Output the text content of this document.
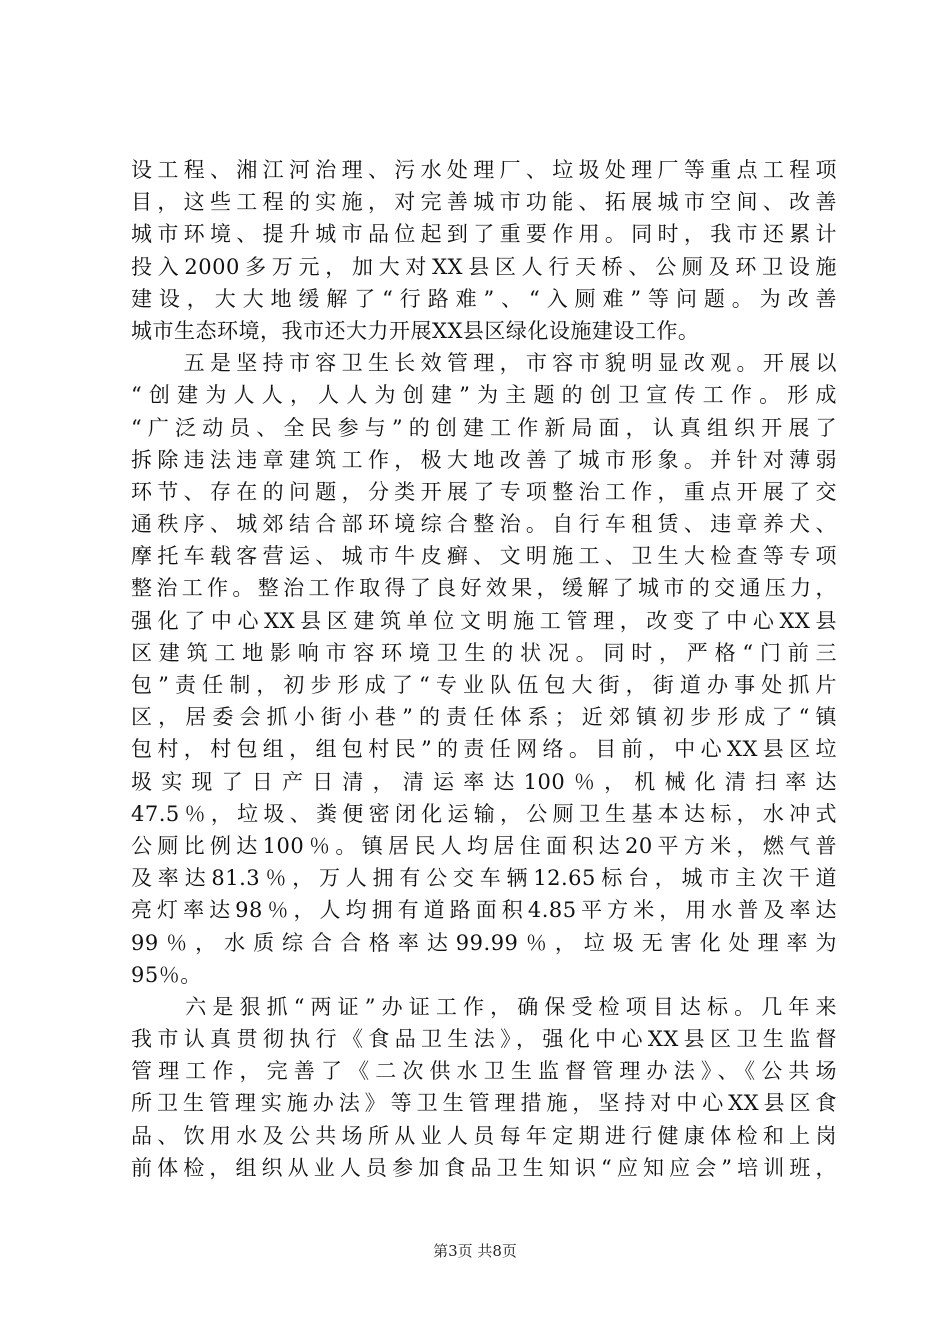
设工程、湘江河治理、污水处理厂、垃圾处理厂等重点工程项
目，这些工程的实施，对完善城市功能、拓展城市空间、改善
城市环境、提升城市品位起到了重要作用。同时，我市还累计
投入2000多万元，加大对XX县区人行天桥、公厕及环卫设施
建设，大大地缓解了“行路难”、“入厕难”等问题。为改善
城市生态环境，我市还大力开展XX县区绿化设施建设工作。
　　五是坚持市容卫生长效管理，市容市貌明显改观。开展以
“创建为人人，人人为创建”为主题的创卫宣传工作。形成
“广泛动员、全民参与”的创建工作新局面，认真组织开展了
拆除违法违章建筑工作，极大地改善了城市形象。并针对薄弱
环节、存在的问题，分类开展了专项整治工作，重点开展了交
通秩序、城郊结合部环境综合整治。自行车租赁、违章养犬、
摩托车载客营运、城市牛皮癣、文明施工、卫生大检查等专项
整治工作。整治工作取得了良好效果，缓解了城市的交通压力，
强化了中心XX县区建筑单位文明施工管理，改变了中心XX县
区建筑工地影响市容环境卫生的状况。同时，严格“门前三
包”责任制，初步形成了“专业队伍包大街，街道办事处抓片
区，居委会抓小街小巷”的责任体系；近郊镇初步形成了“镇
包村，村包组，组包村民”的责任网络。目前，中心XX县区垃
圾实现了日产日清，清运率达100％，机械化清扫率达
47.5％，垃圾、粪便密闭化运输，公厕卫生基本达标，水冲式
公厕比例达100％。镇居民人均居住面积达20平方米，燃气普
及率达81.3％，万人拥有公交车辆12.65标台，城市主次干道
亮灯率达98％，人均拥有道路面积4.85平方米，用水普及率达
99％，水质综合合格率达99.99％，垃圾无害化处理率为
95％。
　　六是狠抓“两证”办证工作，确保受检项目达标。几年来
我市认真贯彻执行《食品卫生法》，强化中心XX县区卫生监督
管理工作，完善了《二次供水卫生监督管理办法》、《公共场
所卫生管理实施办法》等卫生管理措施，坚持对中心XX县区食
品、饮用水及公共场所从业人员每年定期进行健康体检和上岗
前体检，组织从业人员参加食品卫生知识“应知应会”培训班，
第3页 共8页
